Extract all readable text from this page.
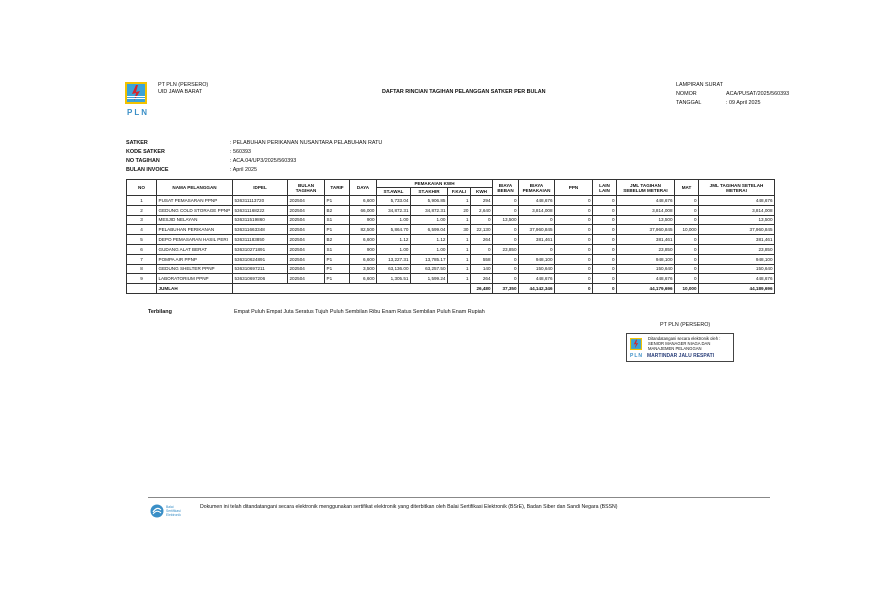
PLN
PT PLN (PERSERO)
UID JAWA BARAT	DAFTAR RINCIAN TAGIHAN PELANGGAN SATKER PER BULAN
LAMPIRAN SURAT
NOMOR	ACA/PUSAT/2025/560393
TANGGAL	: 09 April 2025
SATKER	: PELABUHAN PERIKANAN NUSANTARA PELABUHAN RATU
KODE SATKER	: 560393
NO TAGIHAN	: ACA.04/UP3/2025/560393
BULAN INVOICE	: April 2025
NO	NAMA PELANGGAN	IDPEL	BULAN TAGIHAN	TARIF	DAYA	PEMAKAIAN KWH				BIAYA BEBAN	BIAYA PEMAKAIAN	PPN	LAIN LAIN	JML TAGIHAN SEBELUM METERAI	MAT	JML TAGIHAN SETELAH METERAI
						ST.AWAL	ST.AKHIR	F.KALI	KWH							
1	PUSAT PEMASARAN PPNP	536311113720	202504	P1	6,600	5,733.04	5,906.85	1	294	0	448,676	0	0	448,676	0	448,676
2	GEDUNG COLD STORAGE PPNP	536311168222	202504	B2	66,000	34,872.31	34,872.31	20	2,640	0	3,814,008	0	0	3,814,008	0	3,814,008
3	MESJID NELAYAN	536311519860	202504	S1	900	1.00	1.00	1	0	13,500	0	0	0	13,500	0	13,500
4	PELABUHAN PERIKANAN	536311663348	202504	P1	82,500	5,864.70	6,599.04	30	22,130	0	37,960,845	0	0	37,960,845	10,000	37,960,845
5	DEPO PEMASARAN HASIL PERI	536311183850	202504	B2	6,600	1.12	1.12	1	264	0	381,461	0	0	381,461	0	381,461
6	GUDANG ALAT BERAT	536310271891	202504	S1	900	1.00	1.00	1	0	23,850	0	0	0	23,850	0	23,850
7	POMPA AIR PPNP	536310624891	202504	P1	6,600	13,227.31	13,785.17	1	558	0	948,100	0	0	948,100	0	948,100
8	GEDUNG SHELTER PPNP	536310697211	202504	P1	3,500	63,136.00	63,257.50	1	140	0	150,640	0	0	150,640	0	150,640
9	LABORATORIUM PPNP	536310697206	202504	P1	6,600	1,305.51	1,599.24	1	264	0	448,676	0	0	448,676	0	448,676
	JUMLAH								26,480	37,350	44,142,346	0	0	44,179,696	10,000	44,189,696
Terbilang	Empat Puluh Empat Juta Seratus Tujuh Puluh Sembilan Ribu Enam Ratus Sembilan Puluh Enam Rupiah
PT PLN (PERSERO)
Ditandatangani secara elektronik oleh :
SENIOR MANAGER NIAGA DAN
MANAJEMEN PELANGGAN
PLN MARTINDAR JALU RESPATI
Balai
Sertifikasi
Elektronik
Dokumen ini telah ditandatangani secara elektronik menggunakan sertifikat elektronik yang diterbitkan oleh Balai Sertifikasi Elektronik (BSrE), Badan Siber dan Sandi Negara (BSSN)
